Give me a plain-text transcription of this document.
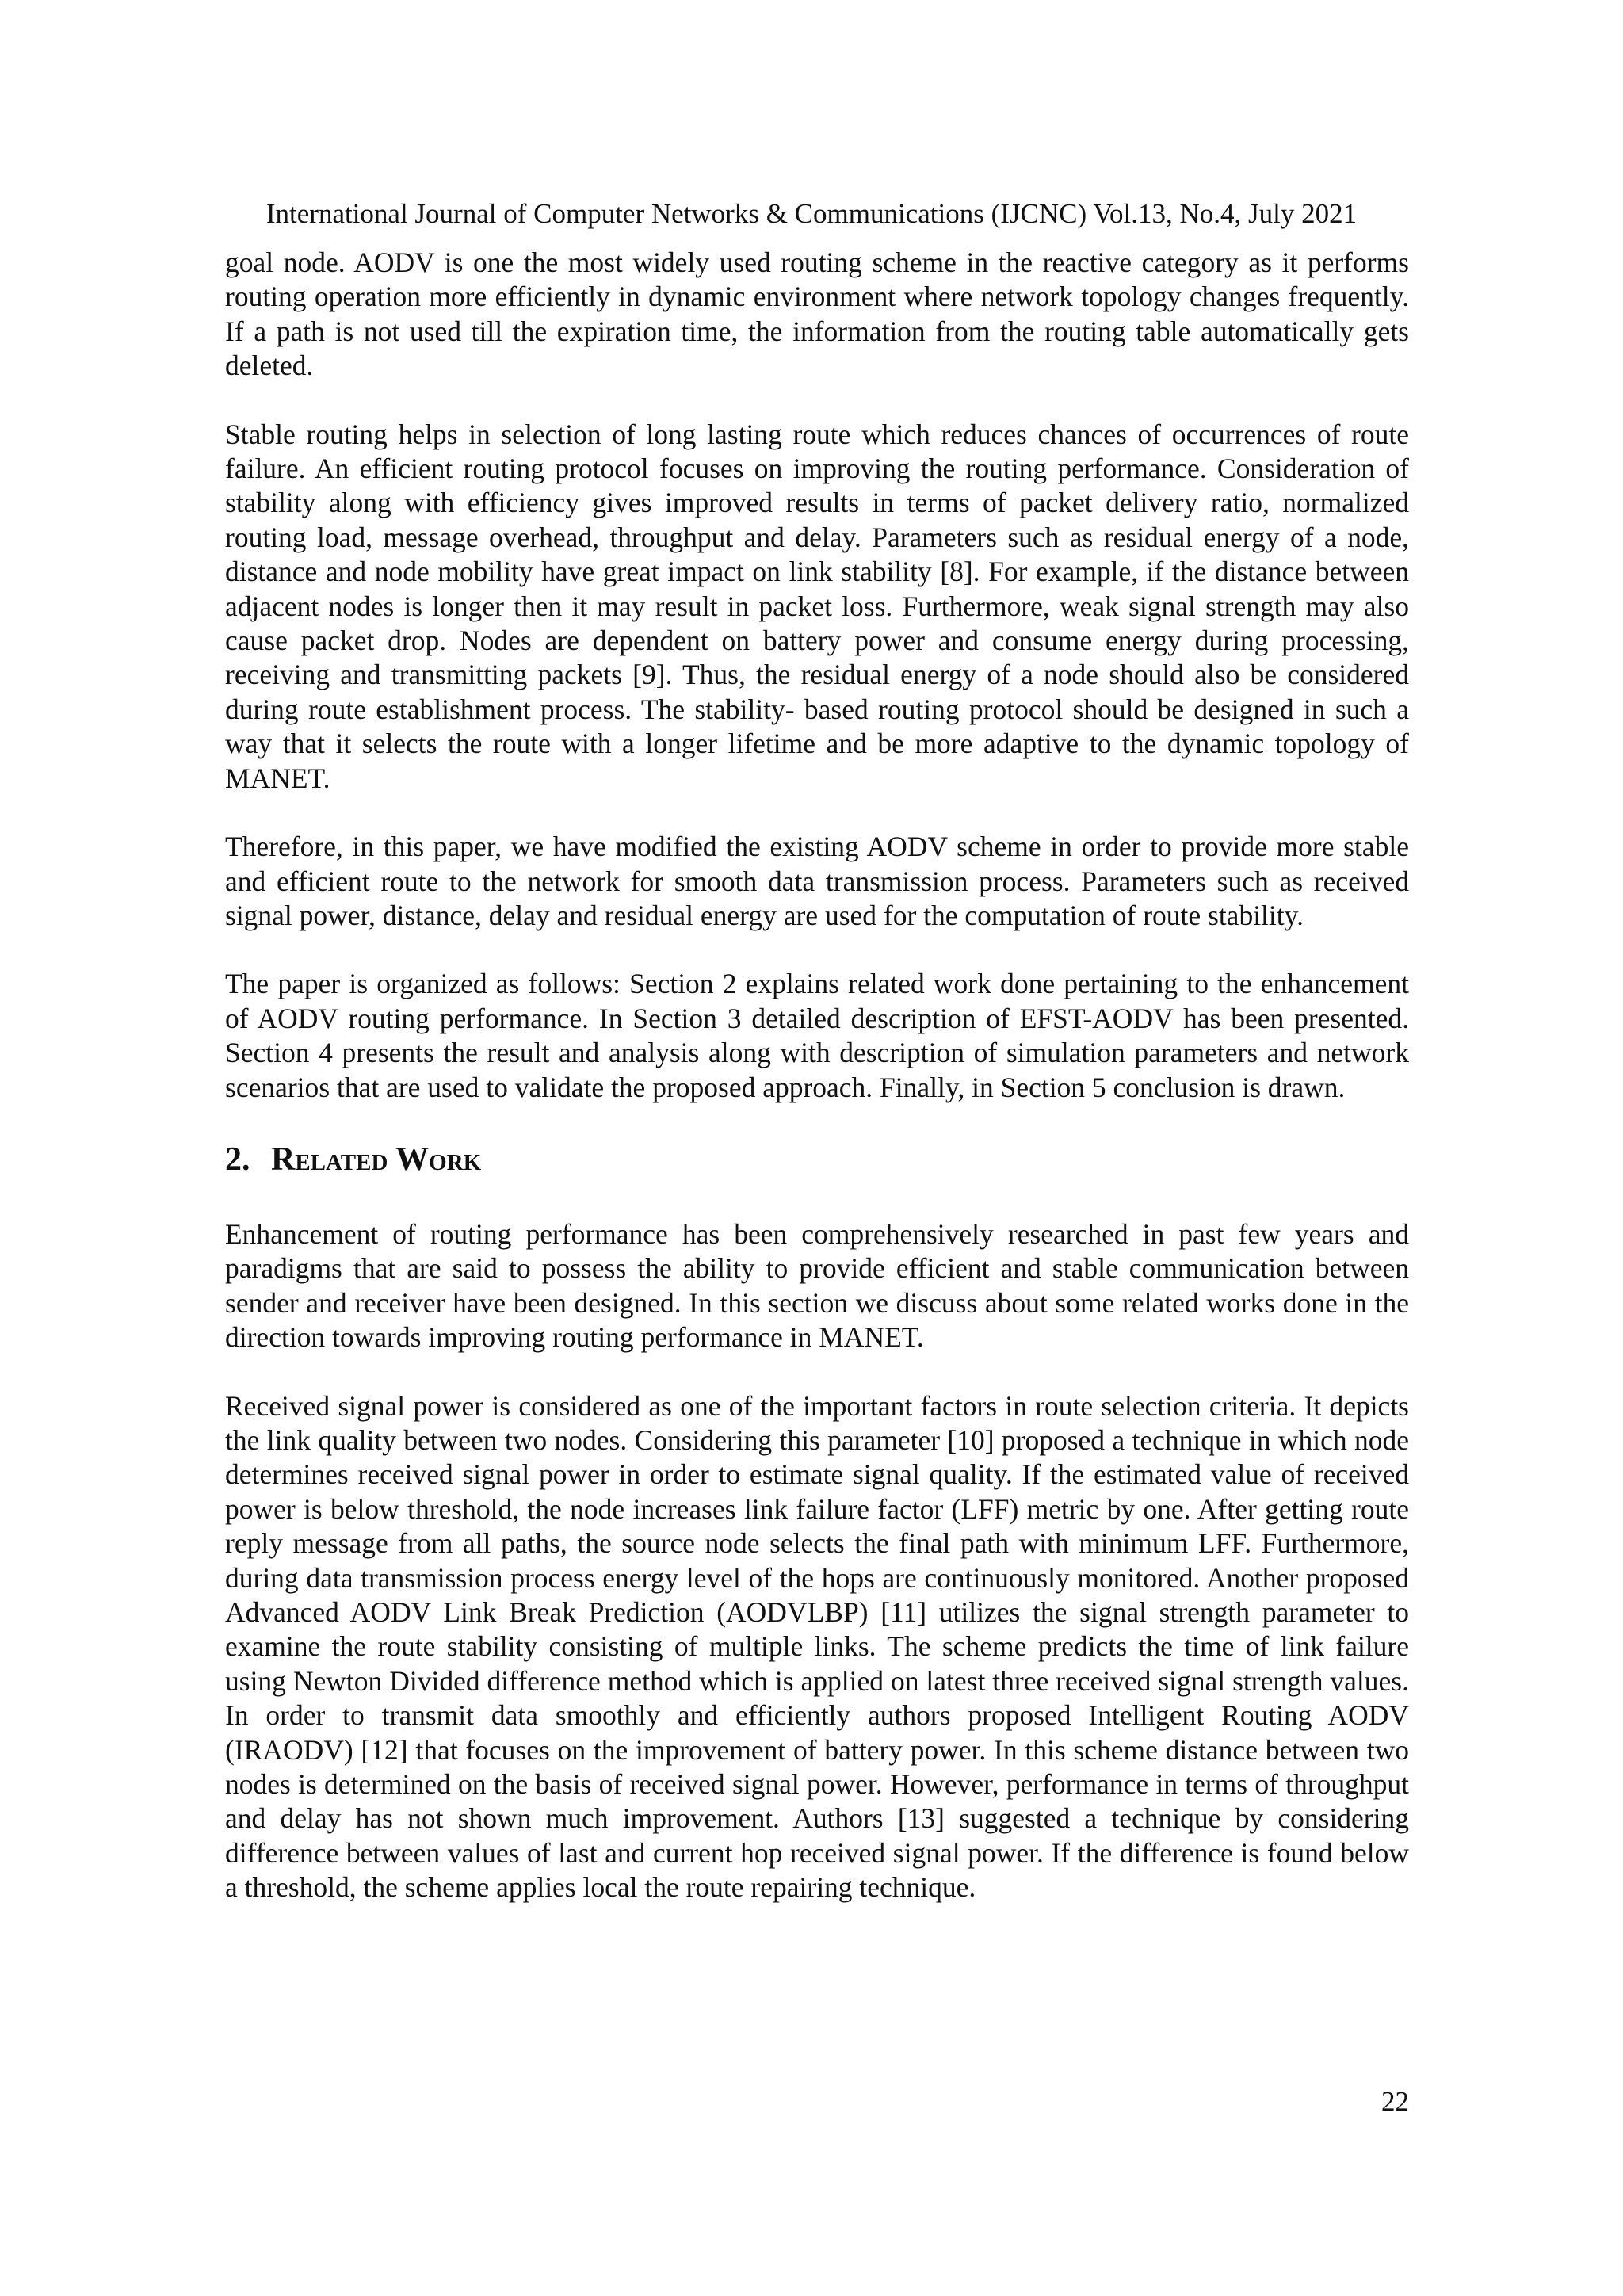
International Journal of Computer Networks & Communications (IJCNC) Vol.13, No.4, July 2021

goal node. AODV is one the most widely used routing scheme in the reactive category as it performs routing operation more efficiently in dynamic environment where network topology changes frequently. If a path is not used till the expiration time, the information from the routing table automatically gets deleted.

Stable routing helps in selection of long lasting route which reduces chances of occurrences of route failure. An efficient routing protocol focuses on improving the routing performance. Consideration of stability along with efficiency gives improved results in terms of packet delivery ratio, normalized routing load, message overhead, throughput and delay. Parameters such as residual energy of a node, distance and node mobility have great impact on link stability [8]. For example, if the distance between adjacent nodes is longer then it may result in packet loss. Furthermore, weak signal strength may also cause packet drop. Nodes are dependent on battery power and consume energy during processing, receiving and transmitting packets [9]. Thus, the residual energy of a node should also be considered during route establishment process. The stability- based routing protocol should be designed in such a way that it selects the route with a longer lifetime and be more adaptive to the dynamic topology of MANET.

Therefore, in this paper, we have modified the existing AODV scheme in order to provide more stable and efficient route to the network for smooth data transmission process. Parameters such as received signal power, distance, delay and residual energy are used for the computation of route stability.

The paper is organized as follows: Section 2 explains related work done pertaining to the enhancement of AODV routing performance. In Section 3 detailed description of EFST-AODV has been presented. Section 4 presents the result and analysis along with description of simulation parameters and network scenarios that are used to validate the proposed approach. Finally, in Section 5 conclusion is drawn.

2. Related Work

Enhancement of routing performance has been comprehensively researched in past few years and paradigms that are said to possess the ability to provide efficient and stable communication between sender and receiver have been designed. In this section we discuss about some related works done in the direction towards improving routing performance in MANET.

Received signal power is considered as one of the important factors in route selection criteria. It depicts the link quality between two nodes. Considering this parameter [10] proposed a technique in which node determines received signal power in order to estimate signal quality. If the estimated value of received power is below threshold, the node increases link failure factor (LFF) metric by one. After getting route reply message from all paths, the source node selects the final path with minimum LFF. Furthermore, during data transmission process energy level of the hops are continuously monitored. Another proposed Advanced AODV Link Break Prediction (AODVLBP) [11] utilizes the signal strength parameter to examine the route stability consisting of multiple links. The scheme predicts the time of link failure using Newton Divided difference method which is applied on latest three received signal strength values. In order to transmit data smoothly and efficiently authors proposed Intelligent Routing AODV (IRAODV) [12] that focuses on the improvement of battery power. In this scheme distance between two nodes is determined on the basis of received signal power. However, performance in terms of throughput and delay has not shown much improvement. Authors [13] suggested a technique by considering difference between values of last and current hop received signal power. If the difference is found below a threshold, the scheme applies local the route repairing technique.

22
